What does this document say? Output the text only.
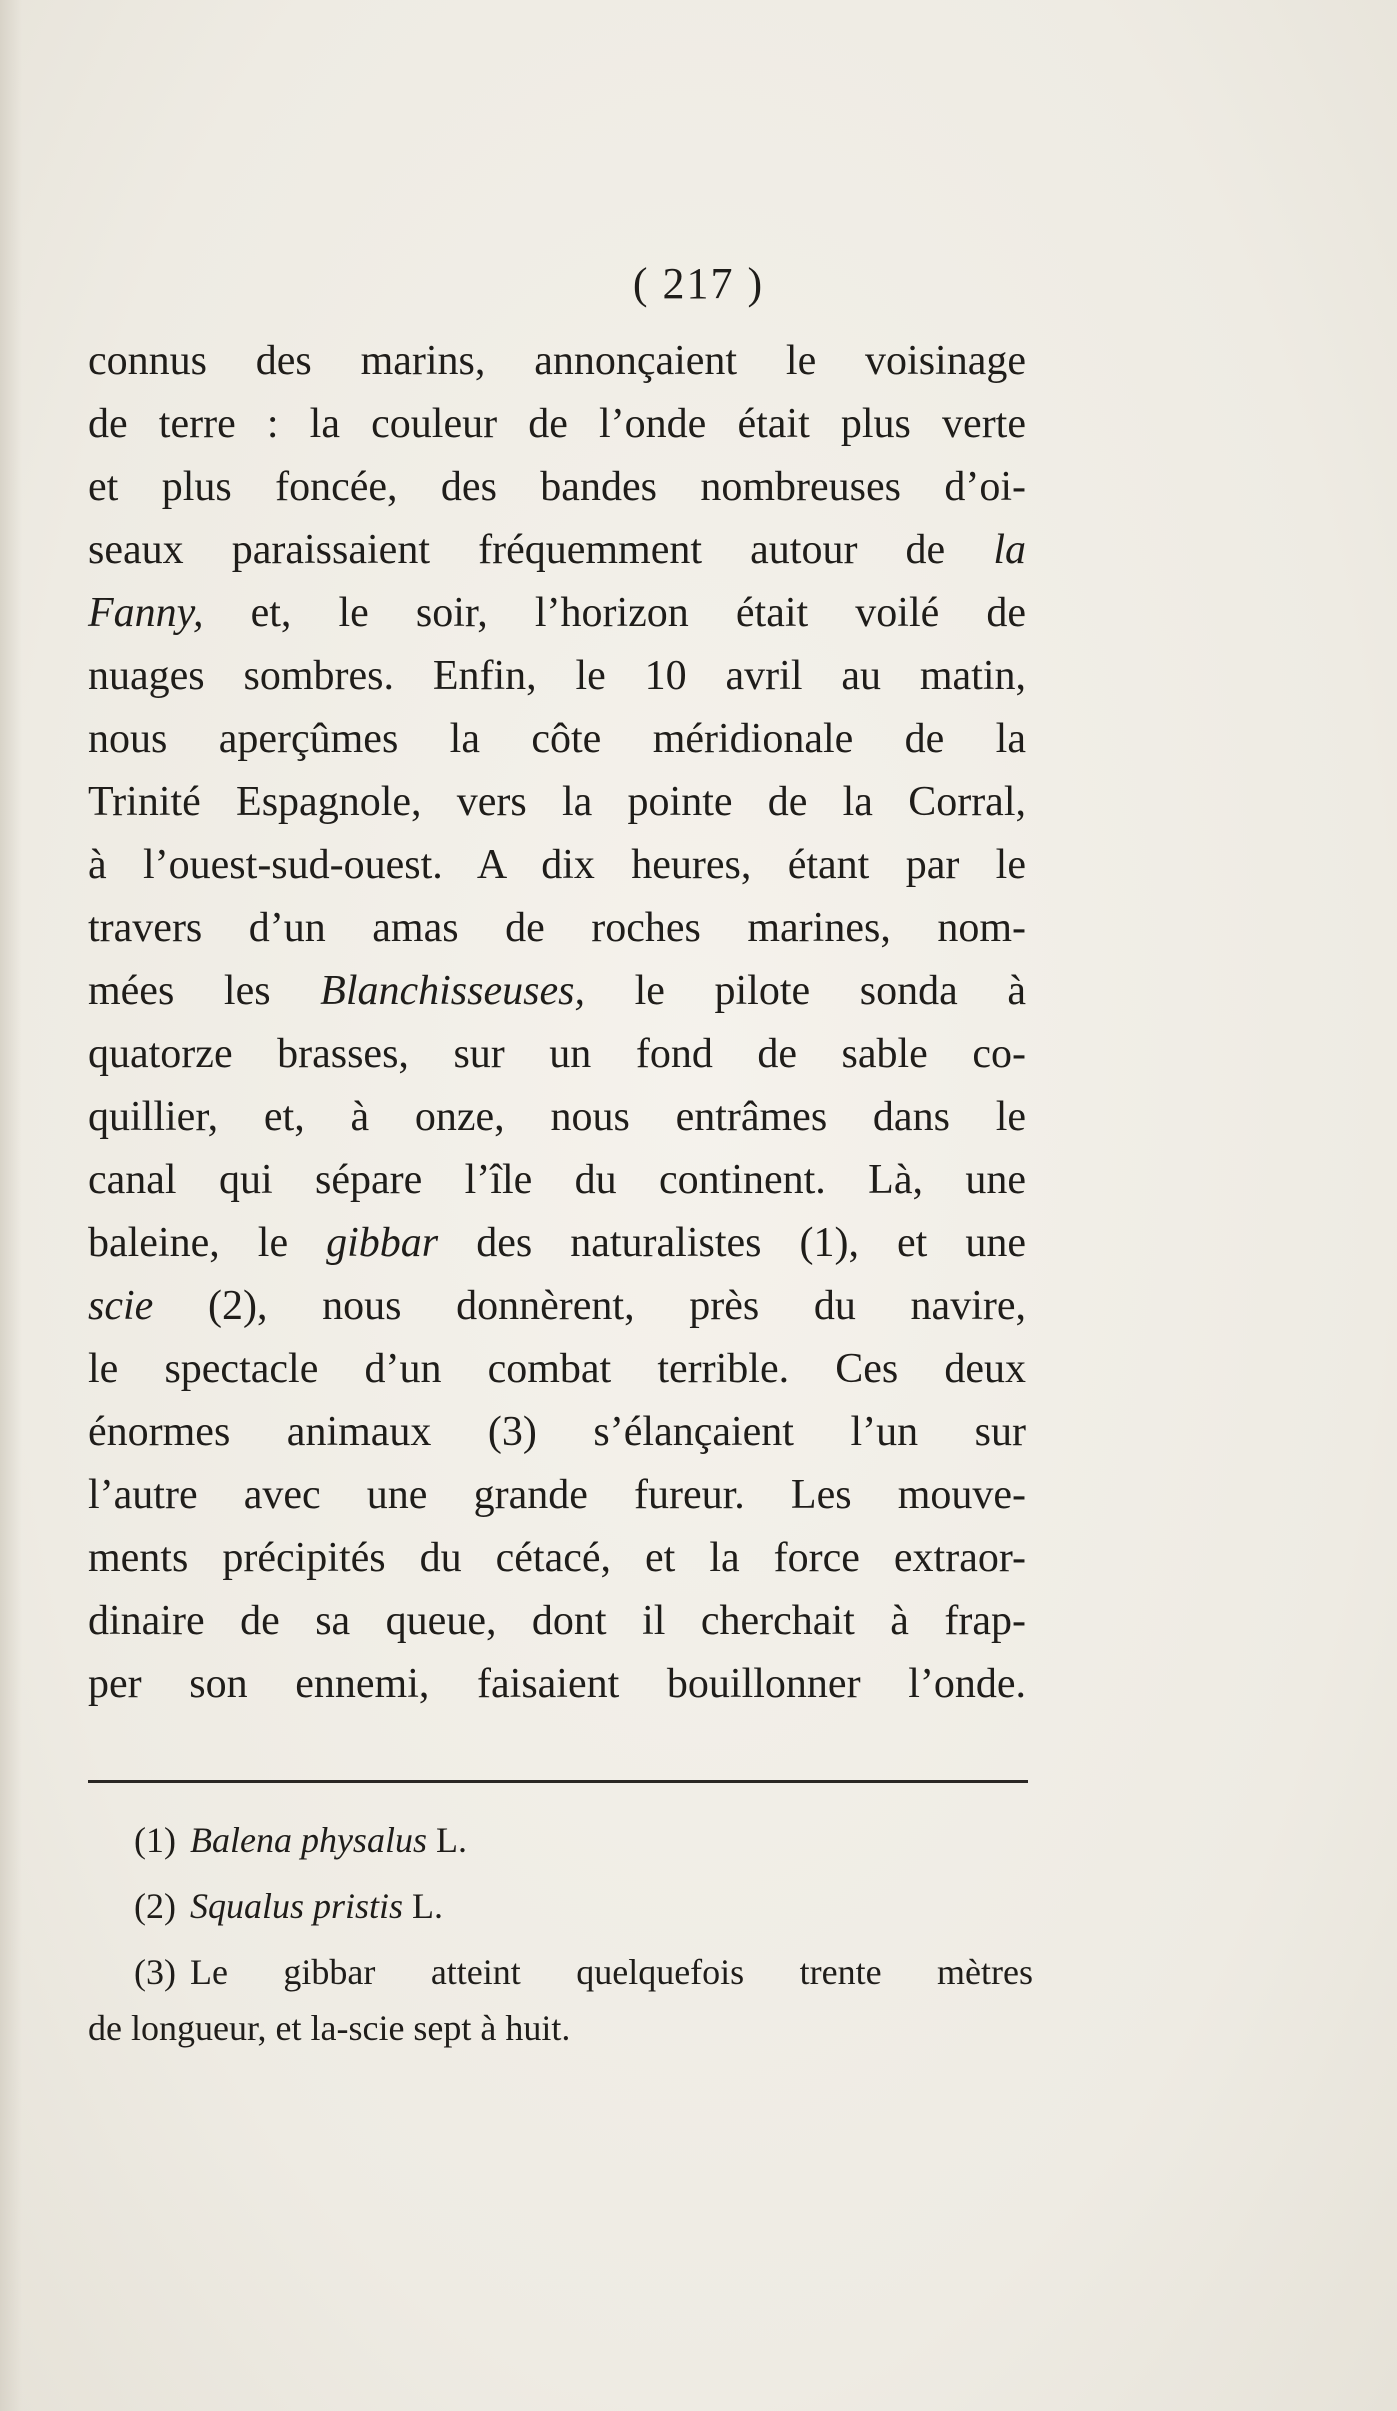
( 217 )
connus des marins, annonçaient le voisinage
de terre : la couleur de l’onde était plus verte
et plus foncée, des bandes nombreuses d’oi-
seaux paraissaient fréquemment autour de la
Fanny, et, le soir, l’horizon était voilé de
nuages sombres. Enfin, le 10 avril au matin,
nous aperçûmes la côte méridionale de la
Trinité Espagnole, vers la pointe de la Corral,
à l’ouest-sud-ouest. A dix heures, étant par le
travers d’un amas de roches marines, nom-
mées les Blanchisseuses, le pilote sonda à
quatorze brasses, sur un fond de sable co-
quillier, et, à onze, nous entrâmes dans le
canal qui sépare l’île du continent. Là, une
baleine, le gibbar des naturalistes (1), et une
scie (2), nous donnèrent, près du navire,
le spectacle d’un combat terrible. Ces deux
énormes animaux (3) s’élançaient l’un sur
l’autre avec une grande fureur. Les mouve-
ments précipités du cétacé, et la force extraor-
dinaire de sa queue, dont il cherchait à frap-
per son ennemi, faisaient bouillonner l’onde.
(1) Balena physalus L.
(2) Squalus pristis L.
(3) Le gibbar atteint quelquefois trente mètres
de longueur, et la-scie sept à huit.
